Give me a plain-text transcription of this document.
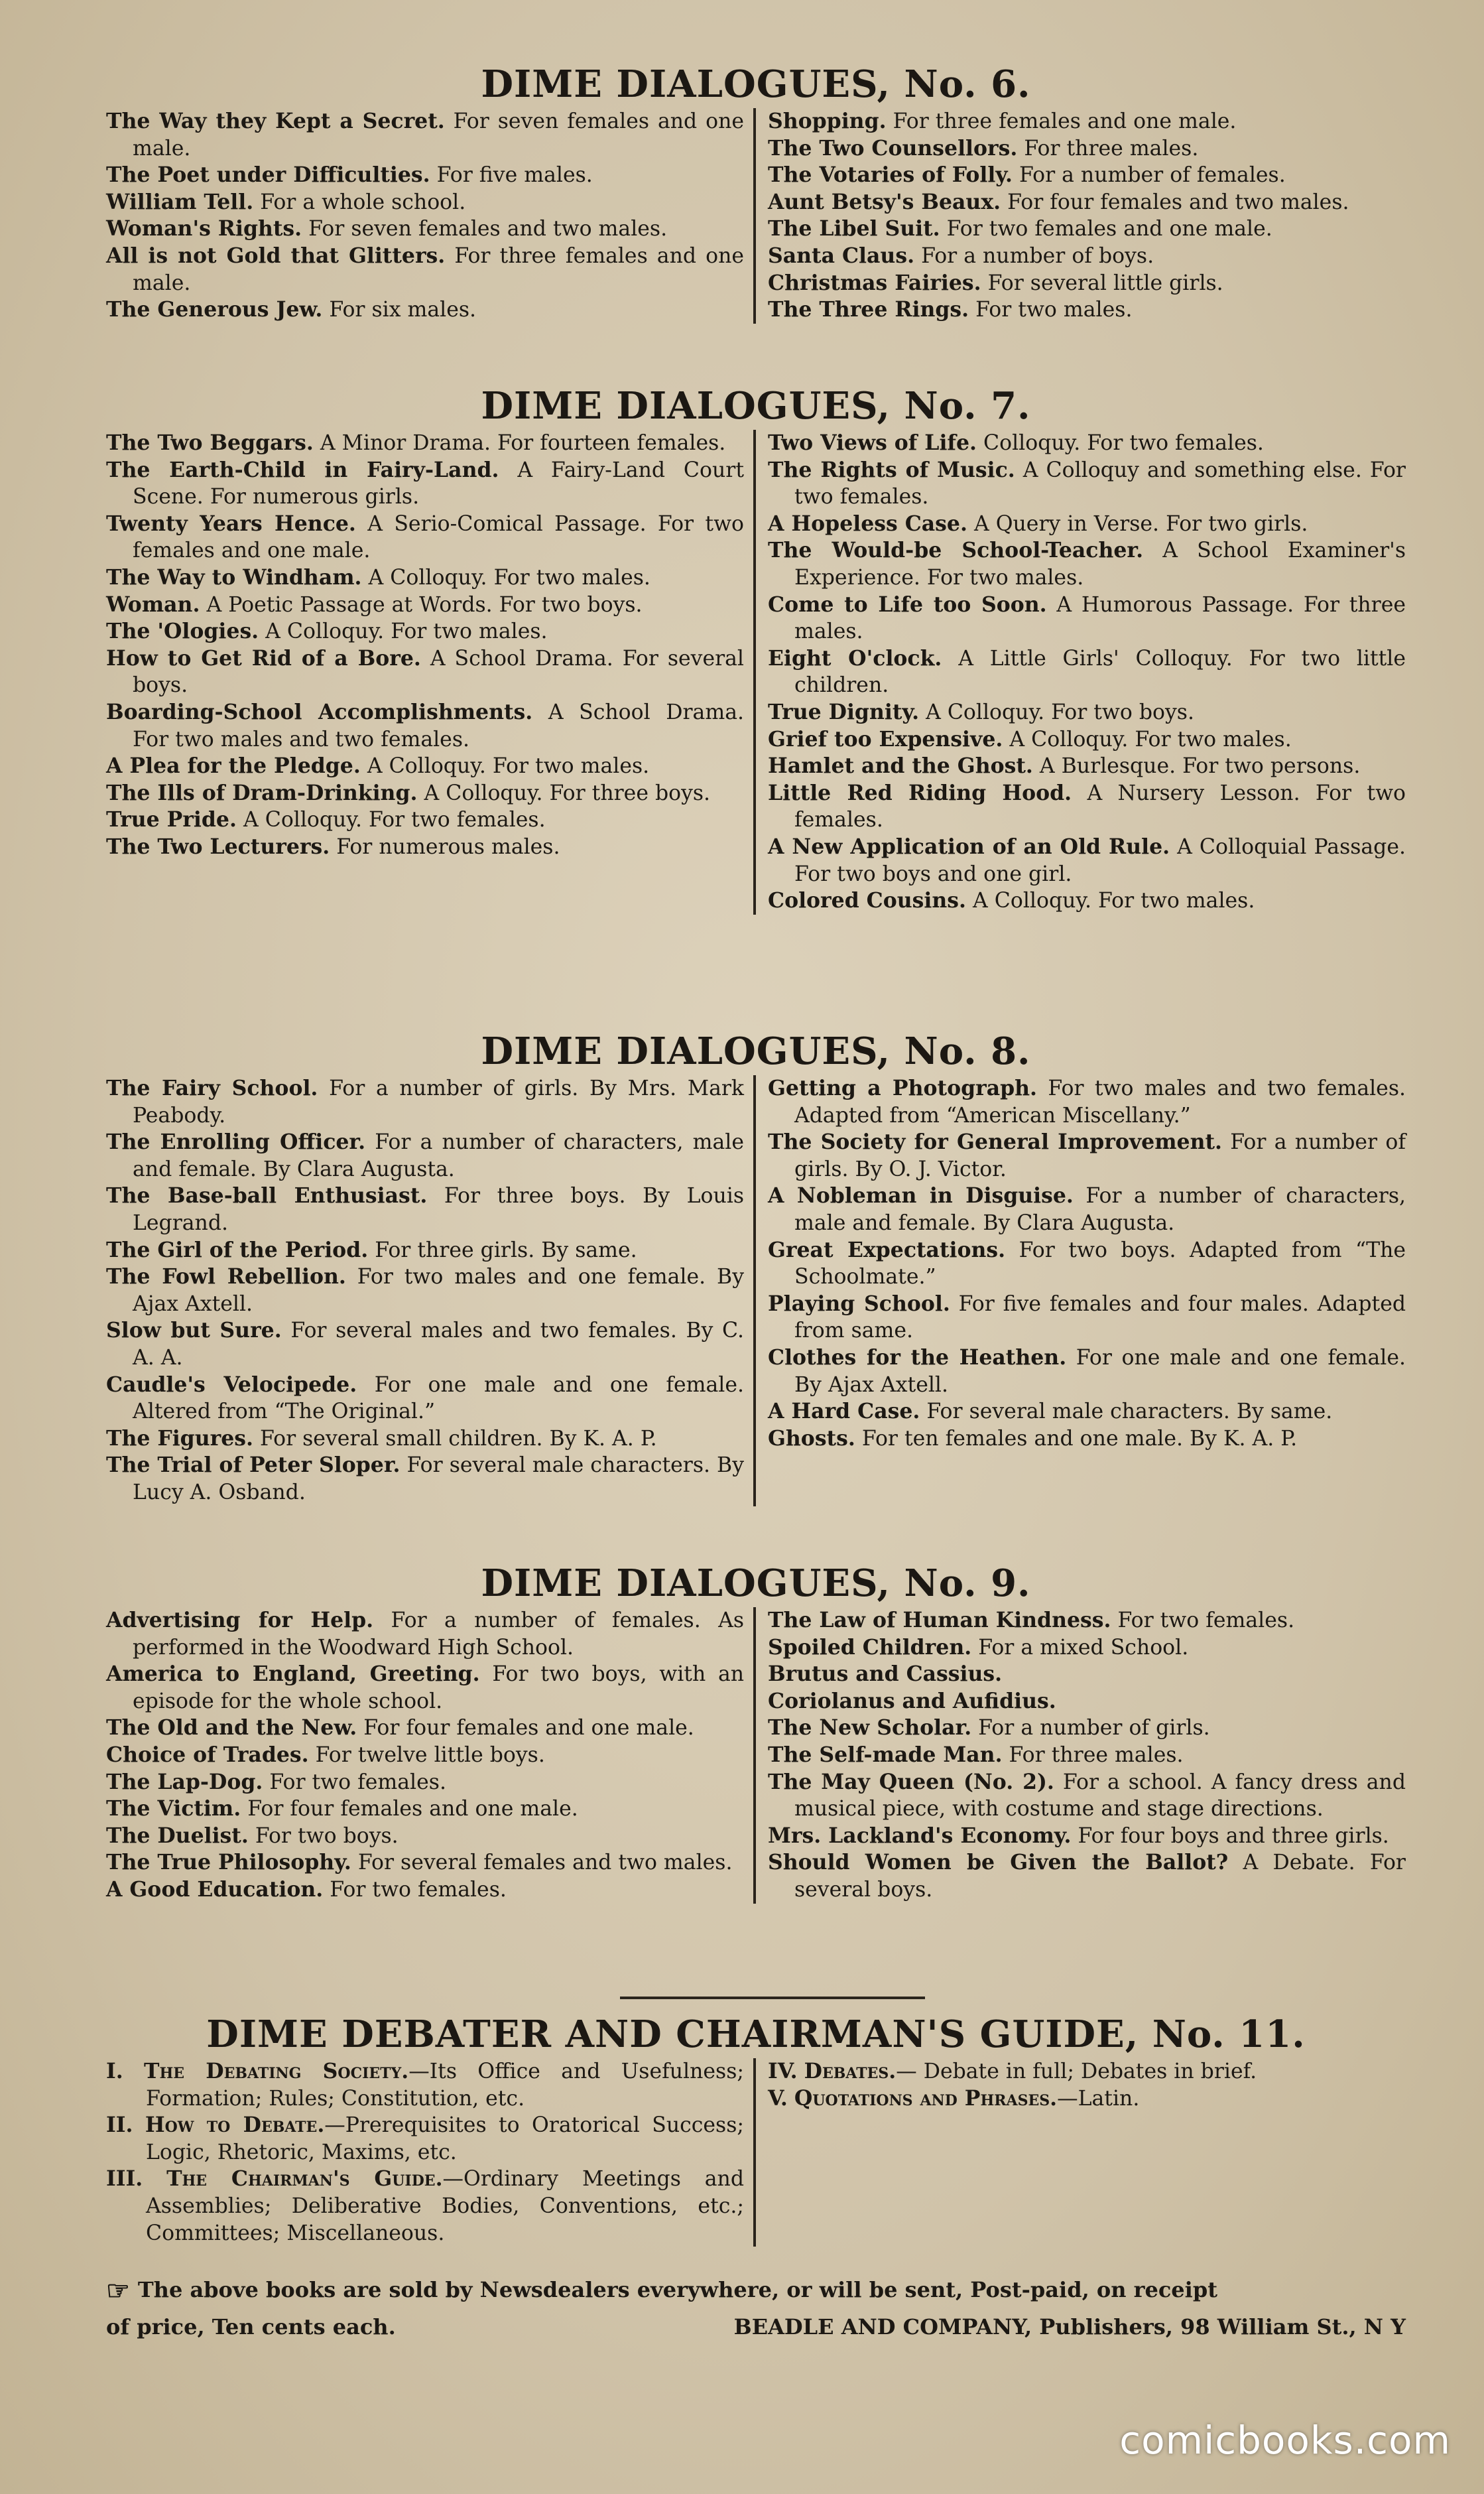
DIME DIALOGUES, No. 6.

The Way they Kept a Secret. For seven females and one male.

The Poet under Difficulties. For five males.

William Tell. For a whole school.

Woman's Rights. For seven females and two males.

All is not Gold that Glitters. For three females and one male.

The Generous Jew. For six males.

Shopping. For three females and one male.

The Two Counsellors. For three males.

The Votaries of Folly. For a number of females.

Aunt Betsy's Beaux. For four females and two males.

The Libel Suit. For two females and one male.

Santa Claus. For a number of boys.

Christmas Fairies. For several little girls.

The Three Rings. For two males.

DIME DIALOGUES, No. 7.

The Two Beggars. A Minor Drama. For fourteen females.

The Earth-Child in Fairy-Land. A Fairy-Land Court Scene. For numerous girls.

Twenty Years Hence. A Serio-Comical Passage. For two females and one male.

The Way to Windham. A Colloquy. For two males.

Woman. A Poetic Passage at Words. For two boys.

The 'Ologies. A Colloquy. For two males.

How to Get Rid of a Bore. A School Drama. For several boys.

Boarding-School Accomplishments. A School Drama. For two males and two females.

A Plea for the Pledge. A Colloquy. For two males.

The Ills of Dram-Drinking. A Colloquy. For three boys.

True Pride. A Colloquy. For two females.

The Two Lecturers. For numerous males.

Two Views of Life. Colloquy. For two females.

The Rights of Music. A Colloquy and something else. For two females.

A Hopeless Case. A Query in Verse. For two girls.

The Would-be School-Teacher. A School Examiner's Experience. For two males.

Come to Life too Soon. A Humorous Passage. For three males.

Eight O'clock. A Little Girls' Colloquy. For two little children.

True Dignity. A Colloquy. For two boys.

Grief too Expensive. A Colloquy. For two males.

Hamlet and the Ghost. A Burlesque. For two persons.

Little Red Riding Hood. A Nursery Lesson. For two females.

A New Application of an Old Rule. A Colloquial Passage. For two boys and one girl.

Colored Cousins. A Colloquy. For two males.

DIME DIALOGUES, No. 8.

The Fairy School. For a number of girls. By Mrs. Mark Peabody.

The Enrolling Officer. For a number of characters, male and female. By Clara Augusta.

The Base-ball Enthusiast. For three boys. By Louis Legrand.

The Girl of the Period. For three girls. By same.

The Fowl Rebellion. For two males and one female. By Ajax Axtell.

Slow but Sure. For several males and two females. By C. A. A.

Caudle's Velocipede. For one male and one female. Altered from “The Original.”

The Figures. For several small children. By K. A. P.

The Trial of Peter Sloper. For several male characters. By Lucy A. Osband.

Getting a Photograph. For two males and two females. Adapted from “American Miscellany.”

The Society for General Improvement. For a number of girls. By O. J. Victor.

A Nobleman in Disguise. For a number of characters, male and female. By Clara Augusta.

Great Expectations. For two boys. Adapted from “The Schoolmate.”

Playing School. For five females and four males. Adapted from same.

Clothes for the Heathen. For one male and one female. By Ajax Axtell.

A Hard Case. For several male characters. By same.

Ghosts. For ten females and one male. By K. A. P.

DIME DIALOGUES, No. 9.

Advertising for Help. For a number of females. As performed in the Woodward High School.

America to England, Greeting. For two boys, with an episode for the whole school.

The Old and the New. For four females and one male.

Choice of Trades. For twelve little boys.

The Lap-Dog. For two females.

The Victim. For four females and one male.

The Duelist. For two boys.

The True Philosophy. For several females and two males.

A Good Education. For two females.

The Law of Human Kindness. For two females.

Spoiled Children. For a mixed School.

Brutus and Cassius.

Coriolanus and Aufidius.

The New Scholar. For a number of girls.

The Self-made Man. For three males.

The May Queen (No. 2). For a school. A fancy dress and musical piece, with costume and stage directions.

Mrs. Lackland's Economy. For four boys and three girls.

Should Women be Given the Ballot? A Debate. For several boys.

DIME DEBATER AND CHAIRMAN'S GUIDE, No. 11.

I. The Debating Society.—Its Office and Usefulness; Formation; Rules; Constitution, etc.

II. How to Debate.—Prerequisites to Oratorical Success; Logic, Rhetoric, Maxims, etc.

III. The Chairman's Guide.—Ordinary Meetings and Assemblies; Deliberative Bodies, Conventions, etc.; Committees; Miscellaneous.

IV. Debates.— Debate in full; Debates in brief.

V. Quotations and Phrases.—Latin.

☞ The above books are sold by Newsdealers everywhere, or will be sent, Post-paid, on receipt
of price, Ten cents each.	BEADLE AND COMPANY, Publishers, 98 William St., N Y
comicbooks.com
